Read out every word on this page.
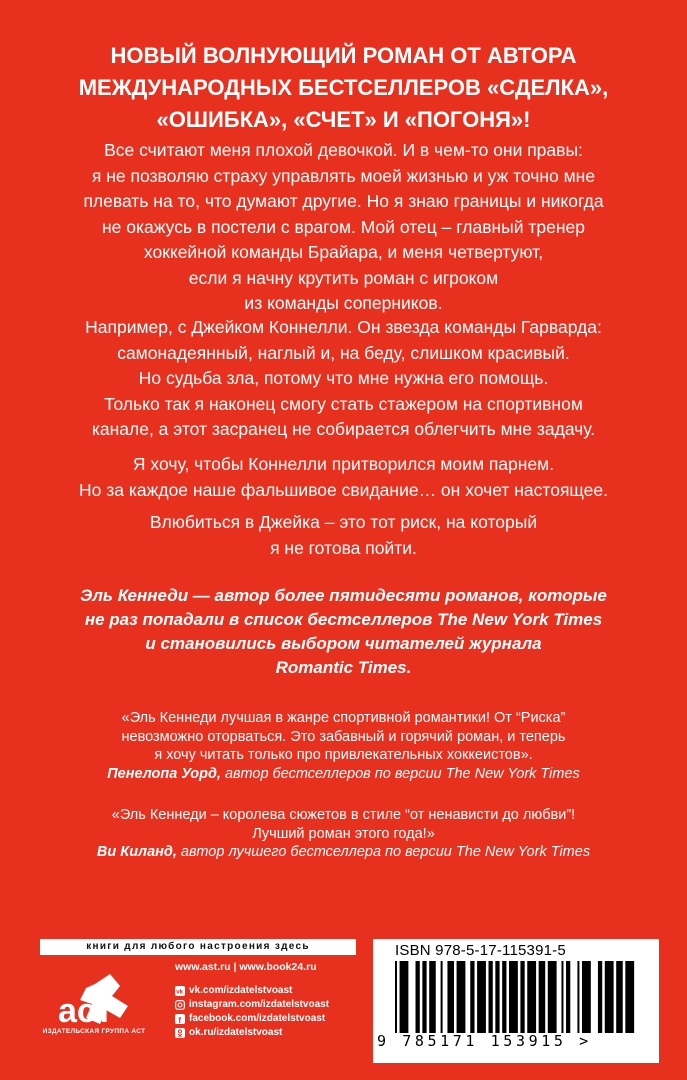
НОВЫЙ ВОЛНУЮЩИЙ РОМАН ОТ АВТОРА
МЕЖДУНАРОДНЫХ БЕСТСЕЛЛЕРОВ «СДЕЛКА»,
«ОШИБКА», «СЧЕТ» И «ПОГОНЯ»!
Все считают меня плохой девочкой. И в чем-то они правы:
я не позволяю страху управлять моей жизнью и уж точно мне
плевать на то, что думают другие. Но я знаю границы и никогда
не окажусь в постели с врагом. Мой отец – главный тренер
хоккейной команды Брайара, и меня четвертуют,
если я начну крутить роман с игроком
из команды соперников.
Например, с Джейком Коннелли. Он звезда команды Гарварда:
самонадеянный, наглый и, на беду, слишком красивый.
Но судьба зла, потому что мне нужна его помощь.
Только так я наконец смогу стать стажером на спортивном
канале, а этот засранец не собирается облегчить мне задачу.
Я хочу, чтобы Коннелли притворился моим парнем.
Но за каждое наше фальшивое свидание… он хочет настоящее.
Влюбиться в Джейка – это тот риск, на который
я не готова пойти.
Эль Кеннеди — автор более пятидесяти романов, которые
не раз попадали в список бестселлеров The New York Times
и становились выбором читателей журнала
Romantic Times.
«Эль Кеннеди лучшая в жанре спортивной романтики! От “Риска”
невозможно оторваться. Это забавный и горячий роман, и теперь
я хочу читать только про привлекательных хоккеистов».
Пенелопа Уорд, автор бестселлеров по версии The New York Times
«Эль Кеннеди – королева сюжетов в стиле “от ненависти до любви”!
Лучший роман этого года!»
Ви Киланд, автор лучшего бестселлера по версии The New York Times
книги для любого настроения здесь
аст
ИЗДАТЕЛЬСКАЯ ГРУППА АСТ
www.ast.ru | www.book24.ru
vk vk.com/izdatelstvoast
instagram.com/izdatelstvoast
f facebook.com/izdatelstvoast
ok.ru/izdatelstvoast
ISBN 978-5-17-115391-5
9 785171 153915 >
